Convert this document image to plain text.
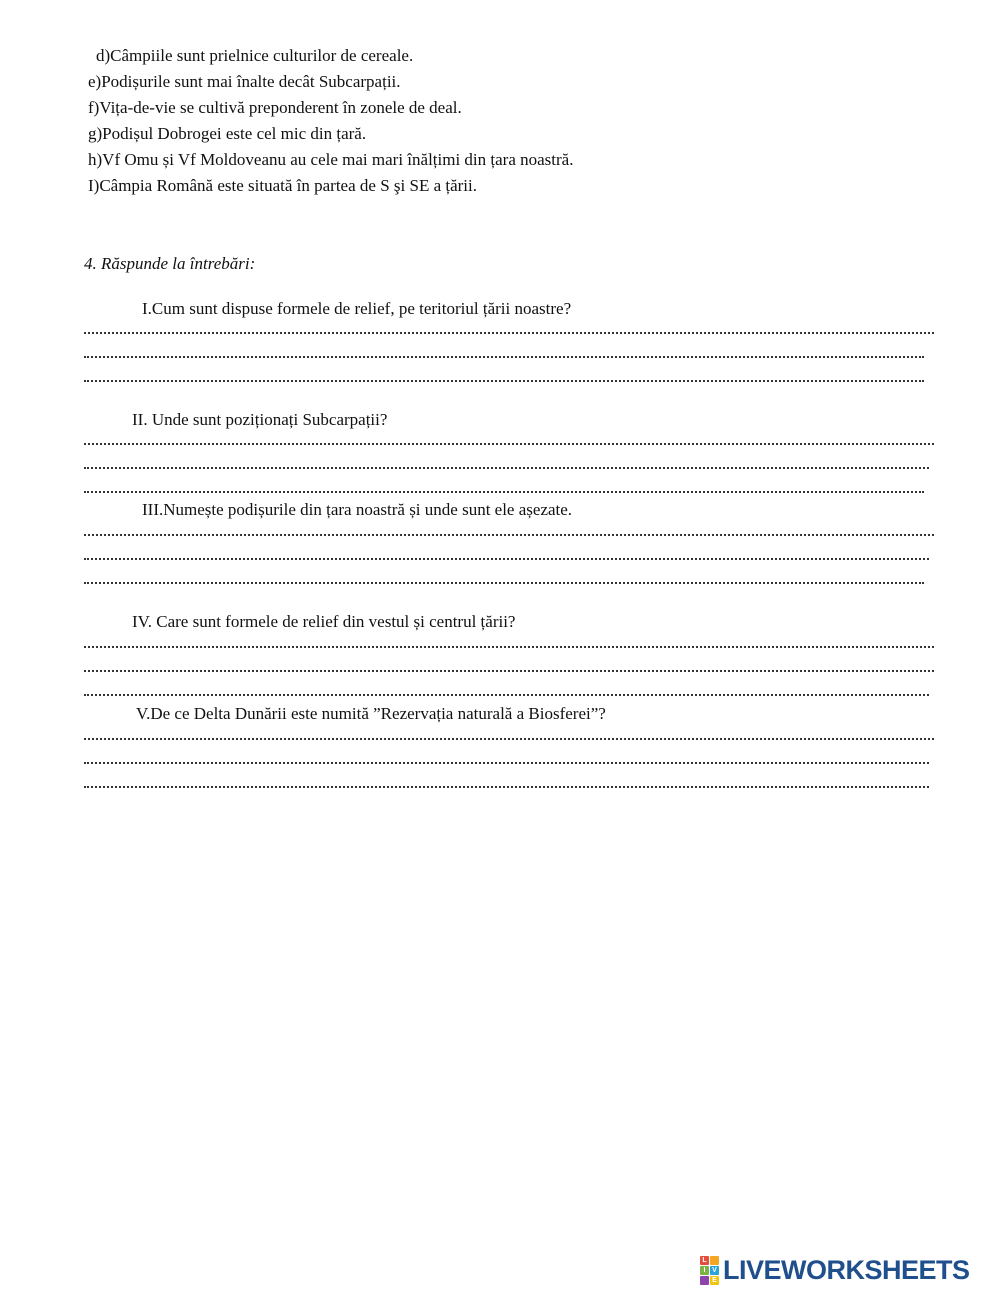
d)Câmpiile sunt prielnice culturilor de cereale.
e)Podișurile sunt mai înalte decât Subcarpații.
f)Vița-de-vie se cultivă preponderent în zonele de deal.
g)Podișul Dobrogei este cel mic din țară.
h)Vf Omu și Vf Moldoveanu au cele mai mari înălțimi din țara noastră.
I)Câmpia Română este situată în partea de S şi SE a țării.
4. Răspunde la întrebări:
I.Cum sunt dispuse formele de relief, pe teritoriul țării noastre?
II. Unde sunt poziționați Subcarpații?
III.Numește podișurile din țara noastră și unde sunt ele așezate.
IV. Care sunt formele de relief din vestul și centrul țării?
V.De ce Delta Dunării este numită ”Rezervația naturală a Biosferei”?
L
I V
E LIVEWORKSHEETS
